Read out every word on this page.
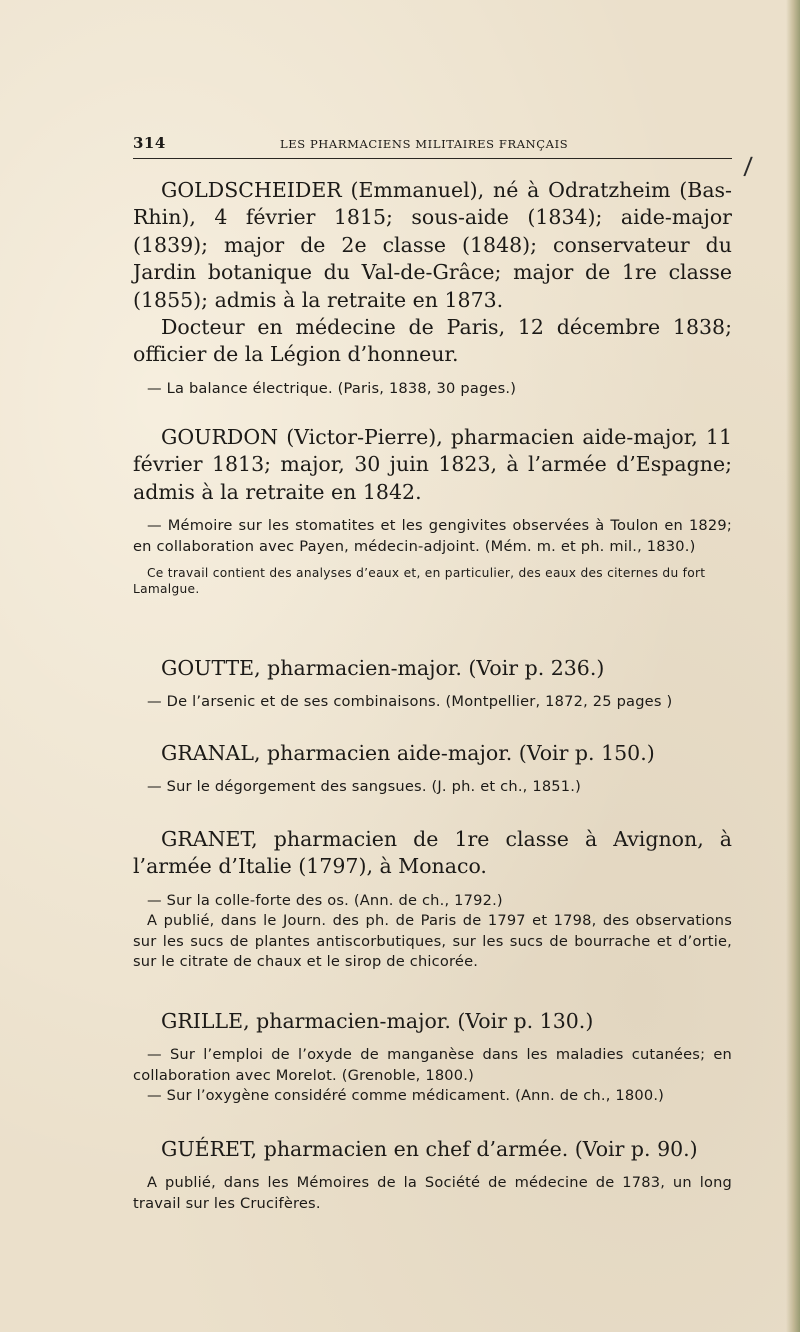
314	LES PHARMACIENS MILITAIRES FRANÇAIS
/

GOLDSCHEIDER (Emmanuel), né à Odratzheim (Bas-Rhin), 4 février 1815; sous-aide (1834); aide-major (1839); major de 2e classe (1848); conservateur du Jardin botanique du Val-de-Grâce; major de 1re classe (1855); admis à la retraite en 1873.
Docteur en médecine de Paris, 12 décembre 1838; officier de la Légion d’honneur.

— La balance électrique. (Paris, 1838, 30 pages.)

GOURDON (Victor-Pierre), pharmacien aide-major, 11 février 1813; major, 30 juin 1823, à l’armée d’Espagne; admis à la retraite en 1842.

— Mémoire sur les stomatites et les gengivites observées à Toulon en 1829; en collaboration avec Payen, médecin-adjoint. (Mém. m. et ph. mil., 1830.)

Ce travail contient des analyses d’eaux et, en particulier, des eaux des citernes du fort Lamalgue.

GOUTTE, pharmacien-major. (Voir p. 236.)

— De l’arsenic et de ses combinaisons. (Montpellier, 1872, 25 pages )

GRANAL, pharmacien aide-major. (Voir p. 150.)

— Sur le dégorgement des sangsues. (J. ph. et ch., 1851.)

GRANET, pharmacien de 1re classe à Avignon, à l’armée d’Italie (1797), à Monaco.

— Sur la colle-forte des os. (Ann. de ch., 1792.)

A publié, dans le Journ. des ph. de Paris de 1797 et 1798, des observations sur les sucs de plantes antiscorbutiques, sur les sucs de bourrache et d’ortie, sur le citrate de chaux et le sirop de chicorée.

GRILLE, pharmacien-major. (Voir p. 130.)

— Sur l’emploi de l’oxyde de manganèse dans les maladies cutanées; en collaboration avec Morelot. (Grenoble, 1800.)

— Sur l’oxygène considéré comme médicament. (Ann. de ch., 1800.)

GUÉRET, pharmacien en chef d’armée. (Voir p. 90.)

A publié, dans les Mémoires de la Société de médecine de 1783, un long travail sur les Crucifères.
